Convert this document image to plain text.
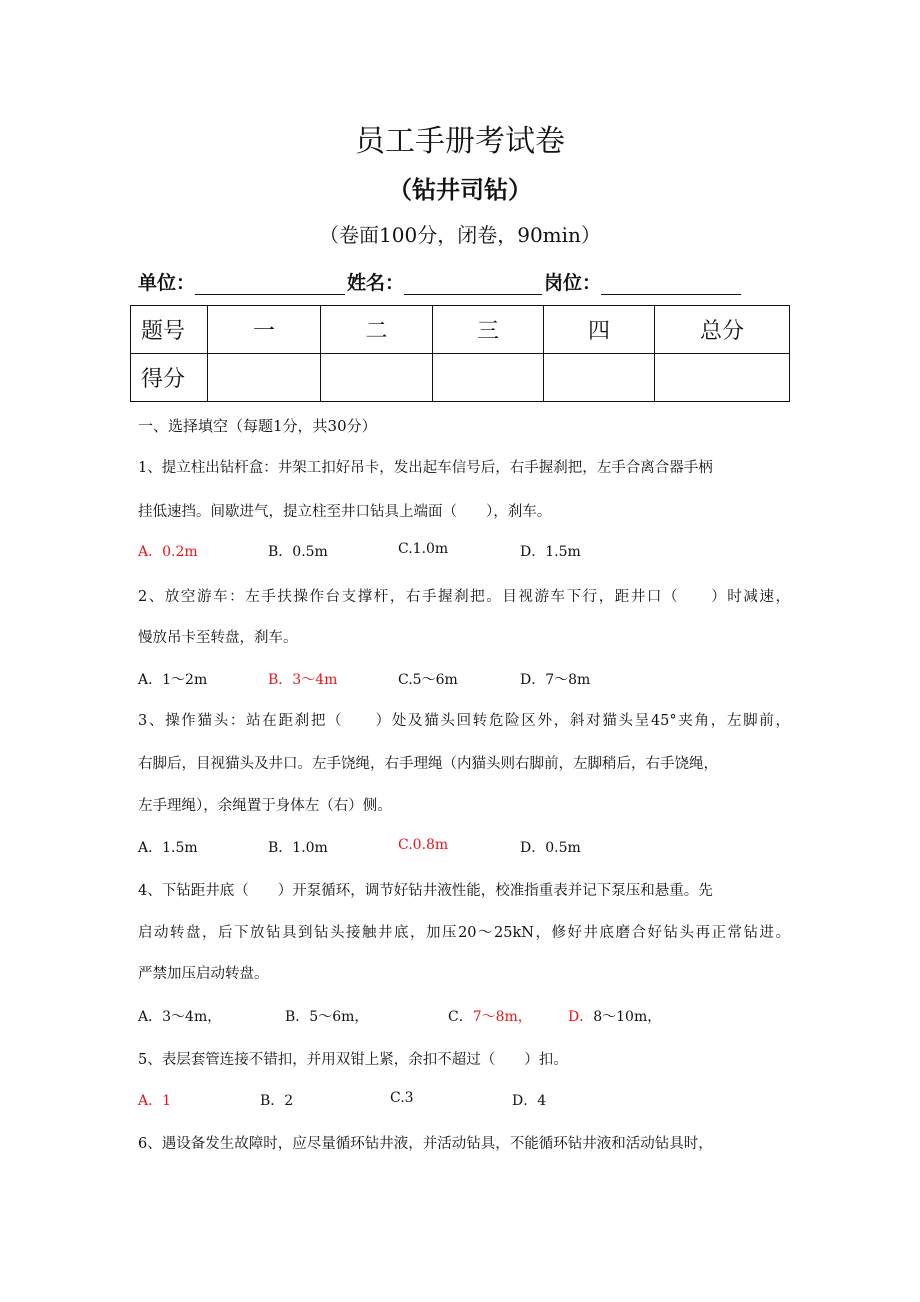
员工手册考试卷
（钻井司钻）
（卷面100分，闭卷，90min）
单位：	姓名：	岗位：
题号	一	二	三	四	总分
得分					
一、选择填空（每题1分，共30分）
1、提立柱出钻杆盒：井架工扣好吊卡，发出起车信号后，右手握刹把，左手合离合器手柄
挂低速挡。间歇进气，提立柱至井口钻具上端面（　　），刹车。
A．0.2m	B．0.5m	C.1.0m	D．1.5m
2、放空游车：左手扶操作台支撑杆，右手握刹把。目视游车下行，距井口（　　）时减速，
慢放吊卡至转盘，刹车。
A．1～2m	B．3～4m	C.5～6m	D．7～8m
3、操作猫头：站在距刹把（　　）处及猫头回转危险区外，斜对猫头呈45°夹角，左脚前，
右脚后，目视猫头及井口。左手饶绳，右手理绳（内猫头则右脚前，左脚稍后，右手饶绳，
左手理绳），余绳置于身体左（右）侧。
A．1.5m	B．1.0m	C.0.8m	D．0.5m
4、下钻距井底（　　）开泵循环，调节好钻井液性能，校准指重表并记下泵压和悬重。先
启动转盘，后下放钻具到钻头接触井底，加压20～25kN，修好井底磨合好钻头再正常钻进。
严禁加压启动转盘。
A．3～4m，	B．5～6m，	C．7～8m，	D．8～10m，
5、表层套管连接不错扣，并用双钳上紧，余扣不超过（　　）扣。
A．1	B．2	C.3	D．4
6、遇设备发生故障时，应尽量循环钻井液，并活动钻具，不能循环钻井液和活动钻具时，
